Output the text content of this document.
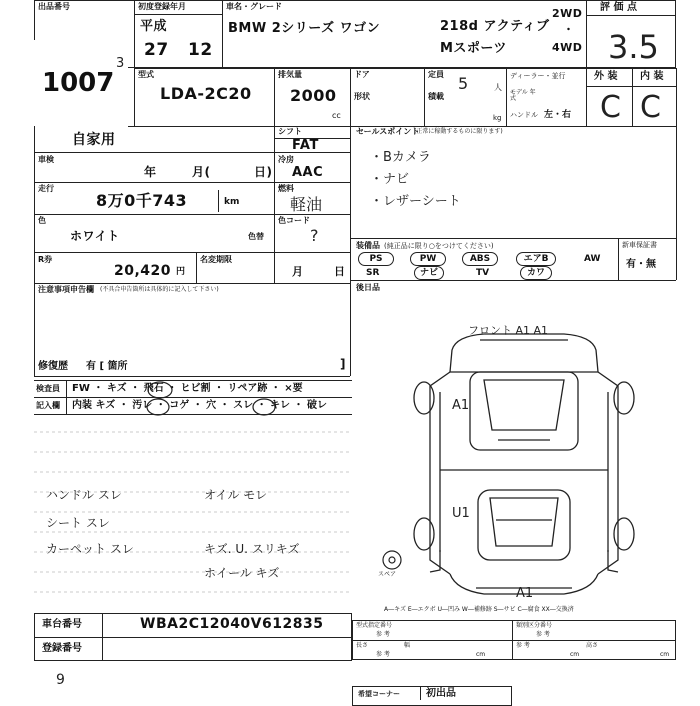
出品番号	初度登録年月
平成
27 12
車名・グレード
BMW 2シリーズ ワゴン	218d アクティブ
Mスポーツ
2WD
・
4WD
評 価 点
3.5
型式
LDA-2C20
排気量
2000
cc
ドア
形状
定員 5	人
積載
kg
ディーラー・並行
モデル 年式
ハンドル 左・右
外 装 内 装
C C
1007
3
自家用
車検
年	月(	日)
走行
8万0千743	km
色
ホワイト	色替
R券
20,420 円
名変期限
月	日
注意事項申告欄 (不具合申告箇所は具体的に記入して下さい)
修復歴 有 [ 箇所	]
シフト
FAT
冷房
AAC
燃料
軽油
色コード
?
セールスポイント
(正常に稼動するものに限ります)
・Bカメラ
・ナビ
・レザーシート
装備品 (純正品に限り○をつけてください)
PS	PW	ABS	エアB	AW
SR	ナビ	TV	カワ
新車保証書
有・無
後日品
検査員
記入欄
FW ・ キズ ・ 飛石 ・ ヒビ割 ・ リペア跡 ・ ×要
内装 キズ ・ 汚レ ・ コゲ ・ 穴 ・ スレ ・ キレ ・ 破レ
ハンドル スレ
シート スレ
カーペット スレ
オイル モレ
キズ. U. スリキズ
ホイール キズ
フロント A1 A1
A1
U1
A1
スペア
A―キズ E―エクボ U―凹み W―補修跡 S―サビ C―腐食 XX―交換済
車台番号	WBA2C12040V612835
登録番号
9
型式指定番号
参 考
類別区分番号
参 考
長さ
参 考	cm
幅	参 考
cm
高さ
cm
希望コーナー	初出品
